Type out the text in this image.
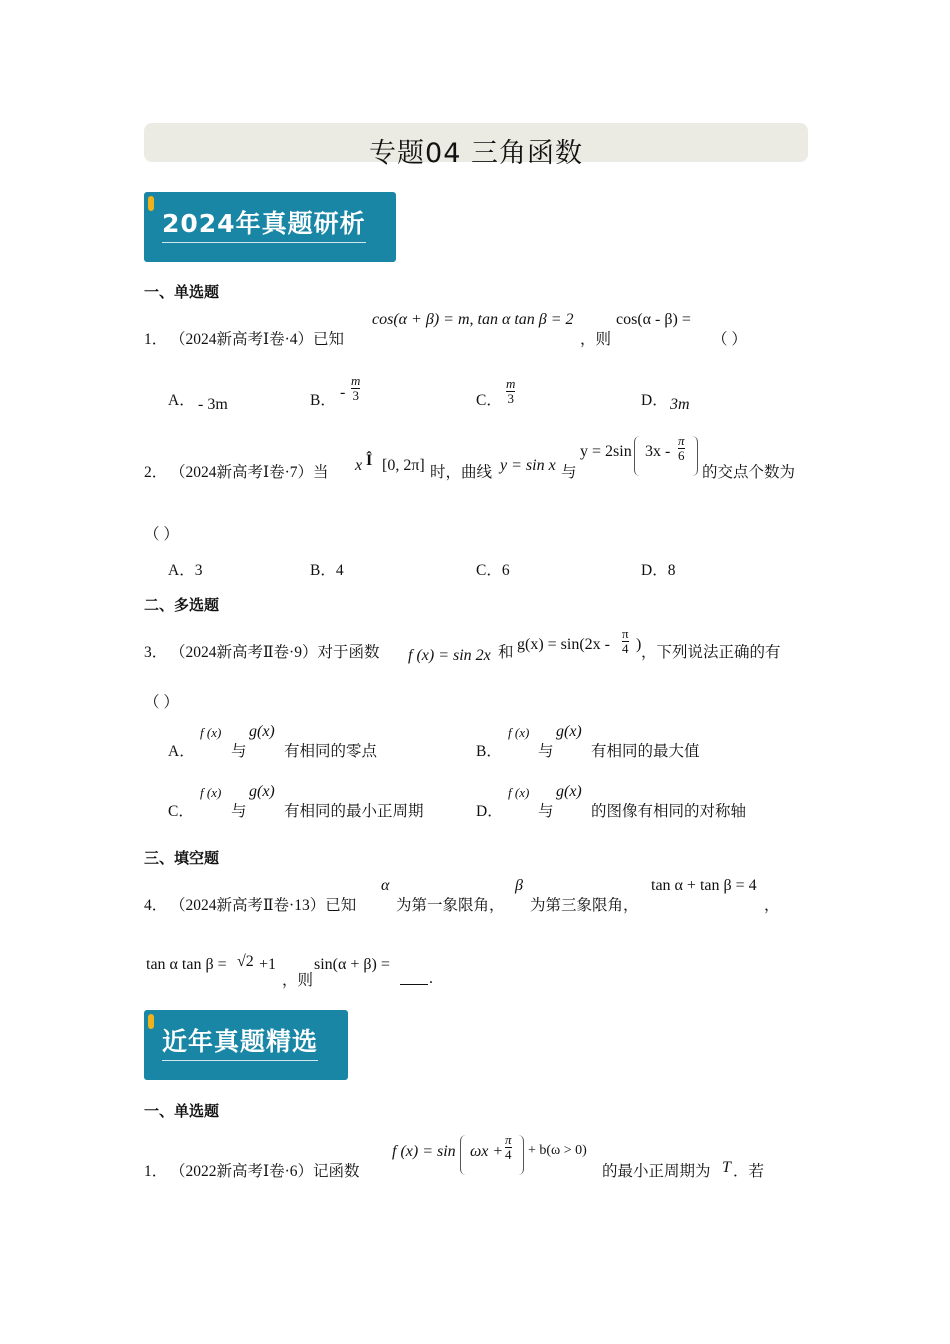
专题04 三角函数
2024年真题研析
一、单选题
1． （2024新高考Ⅰ卷·4）已知
cos(α + β) = m, tan α tan β = 2
，则
cos(α - β) =
（ ）
A． - 3m	B． - $\frac{m}{3}$	C． $\frac{m}{3}$	D． 3m
2． （2024新高考Ⅰ卷·7）当 x Î [0, 2π] 时，曲线 y = sin x 与
y = 2sin $3x - \frac{\pi}{6}$
的交点个数为
（ ）
A．3	B．4	C．6	D．8
二、多选题
3． （2024新高考Ⅱ卷·9）对于函数 f (x) = sin 2x 和 $g(x) = \sin(2x - \frac{\pi}{4}$ ) ，下列说法正确的有
（ ）
A．
f (x)
与
g(x)
有相同的零点	B．
f (x)
与
g(x)
有相同的最大值
C．
f (x)
与
g(x)
有相同的最小正周期	D．
f (x)
与
g(x)
的图像有相同的对称轴
三、填空题
4． （2024新高考Ⅱ卷·13）已知
α
为第一象限角，
β
为第三象限角，
tan α + tan β = 4
，
tan α tan β = √2 +1
，则
sin(α + β) =
.
近年真题精选
一、单选题
1． （2022新高考Ⅰ卷·6）记函数
f $(x) = \sin \omega x + \frac{\pi}{4} + b(\omega > 0)$
的最小正周期为 T ．若
